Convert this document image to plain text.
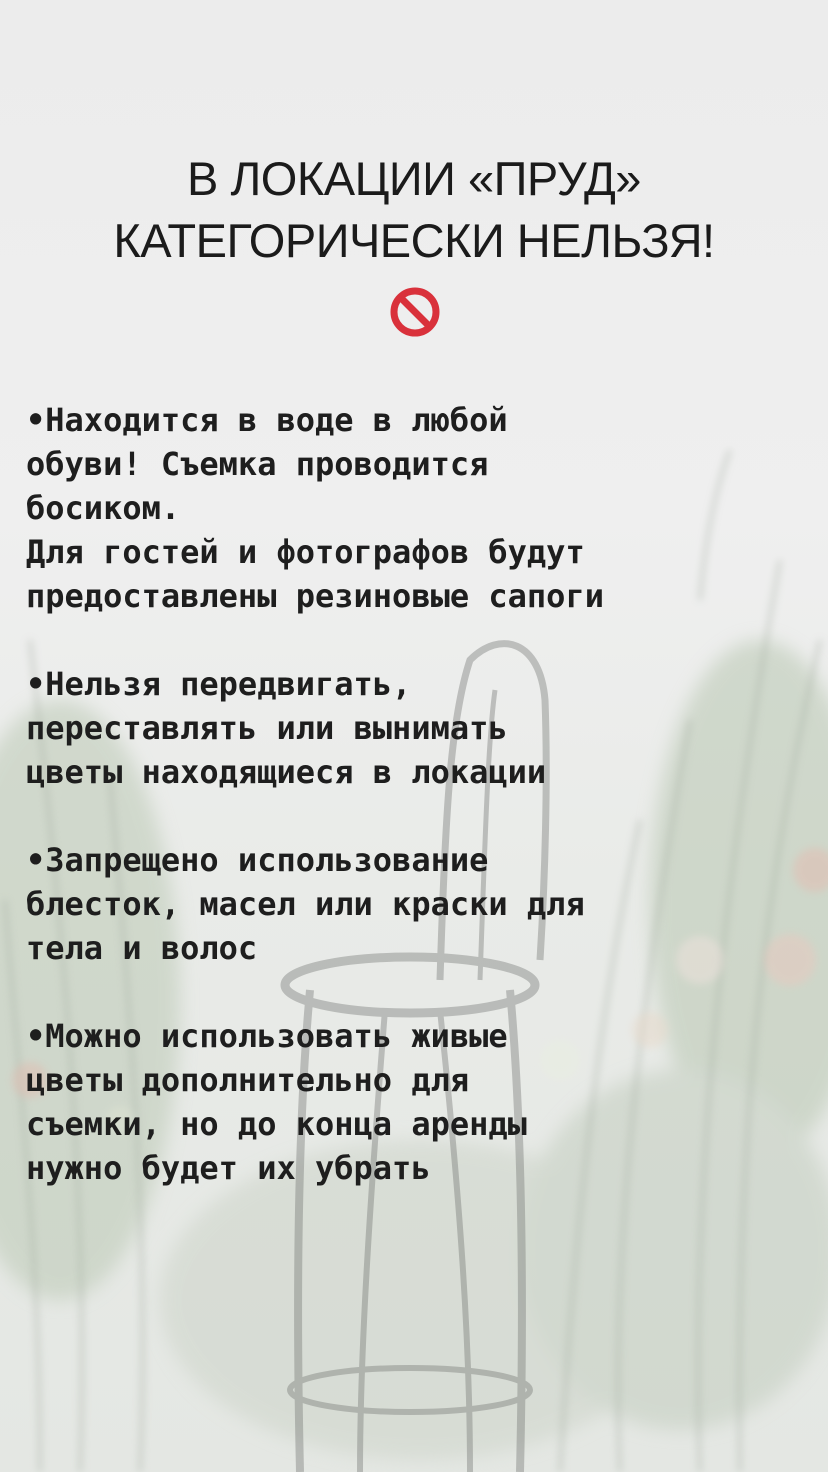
В ЛОКАЦИИ «ПРУД»
КАТЕГОРИЧЕСКИ НЕЛЬЗЯ!

•Находится в воде в любой
обуви! Съемка проводится
босиком.

Для гостей и фотографов будут
предоставлены резиновые сапоги

•Нельзя передвигать,
переставлять или вынимать
цветы находящиеся в локации

•Запрещено использование
блесток, масел или краски для
тела и волос

•Можно использовать живые
цветы дополнительно для
съемки, но до конца аренды
нужно будет их убрать
